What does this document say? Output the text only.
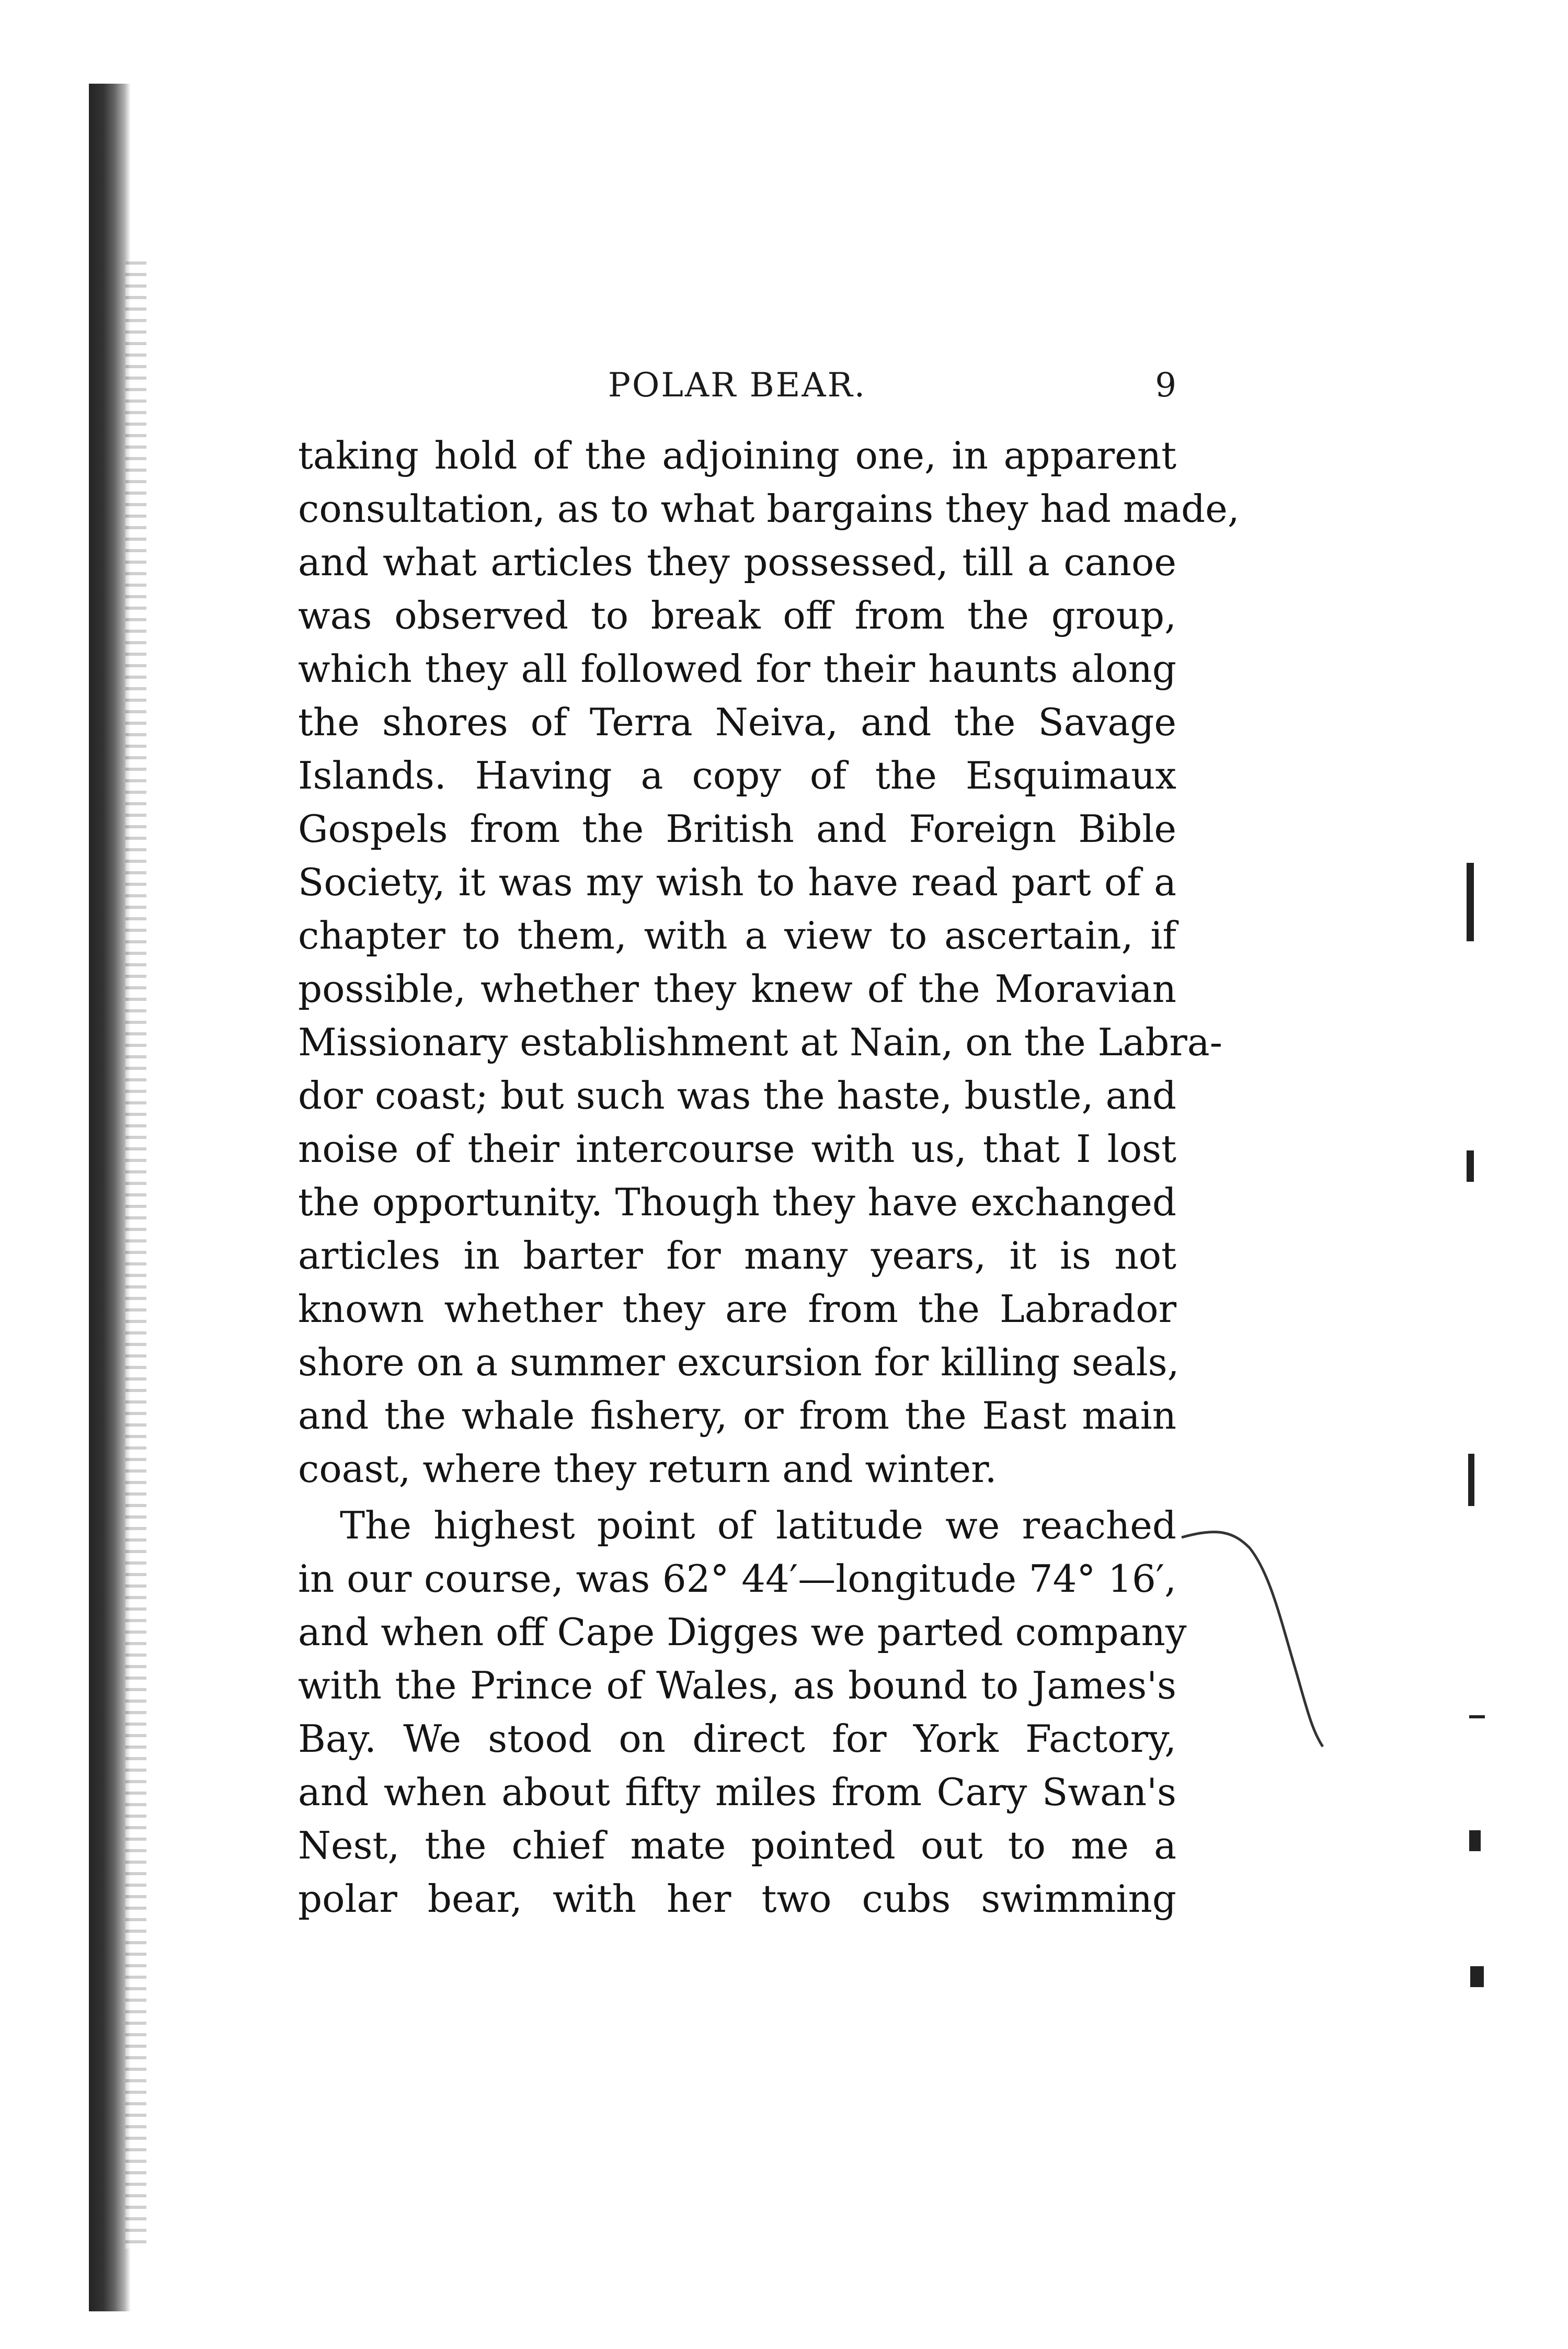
POLAR BEAR.	9
taking hold of the adjoining one, in apparent
consultation, as to what bargains they had made,
and what articles they possessed, till a canoe
was observed to break off from the group,
which they all followed for their haunts along
the shores of Terra Neiva, and the Savage
Islands. Having a copy of the Esquimaux
Gospels from the British and Foreign Bible
Society, it was my wish to have read part of a
chapter to them, with a view to ascertain, if
possible, whether they knew of the Moravian
Missionary establishment at Nain, on the Labra-
dor coast; but such was the haste, bustle, and
noise of their intercourse with us, that I lost
the opportunity. Though they have exchanged
articles in barter for many years, it is not
known whether they are from the Labrador
shore on a summer excursion for killing seals,
and the whale fishery, or from the East main
coast, where they return and winter.
The highest point of latitude we reached
in our course, was 62° 44′—longitude 74° 16′,
and when off Cape Digges we parted company
with the Prince of Wales, as bound to James's
Bay. We stood on direct for York Factory,
and when about fifty miles from Cary Swan's
Nest, the chief mate pointed out to me a
polar bear, with her two cubs swimming
